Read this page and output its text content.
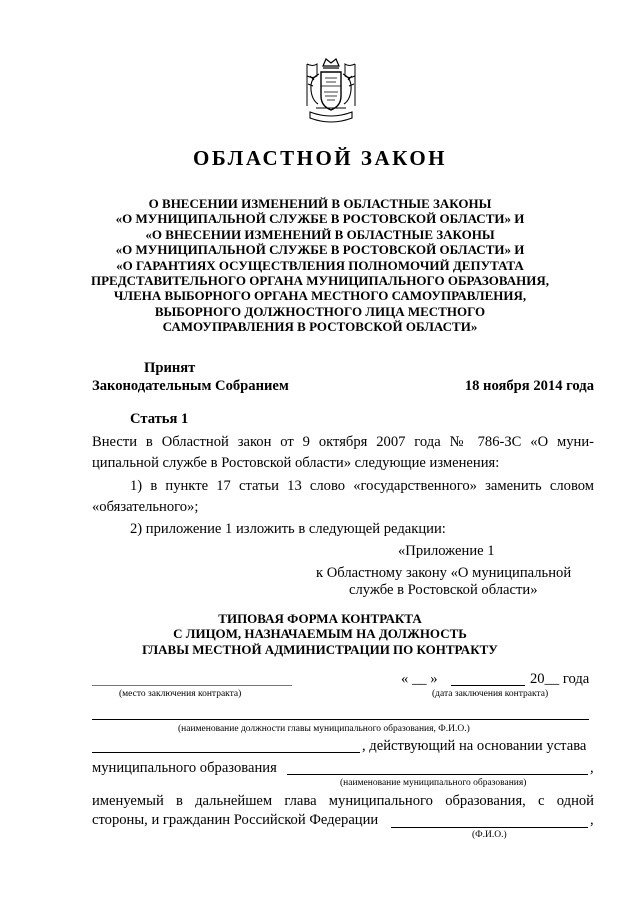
ОБЛАСТНОЙ ЗАКОН
О ВНЕСЕНИИ ИЗМЕНЕНИЙ В ОБЛАСТНЫЕ ЗАКОНЫ
«О МУНИЦИПАЛЬНОЙ СЛУЖБЕ В РОСТОВСКОЙ ОБЛАСТИ» И
«О ВНЕСЕНИИ ИЗМЕНЕНИЙ В ОБЛАСТНЫЕ ЗАКОНЫ
«О МУНИЦИПАЛЬНОЙ СЛУЖБЕ В РОСТОВСКОЙ ОБЛАСТИ» И
«О ГАРАНТИЯХ ОСУЩЕСТВЛЕНИЯ ПОЛНОМОЧИЙ ДЕПУТАТА
ПРЕДСТАВИТЕЛЬНОГО ОРГАНА МУНИЦИПАЛЬНОГО ОБРАЗОВАНИЯ,
ЧЛЕНА ВЫБОРНОГО ОРГАНА МЕСТНОГО САМОУПРАВЛЕНИЯ,
ВЫБОРНОГО ДОЛЖНОСТНОГО ЛИЦА МЕСТНОГО
САМОУПРАВЛЕНИЯ В РОСТОВСКОЙ ОБЛАСТИ»
Принят
Законодательным Собранием	18 ноября 2014 года
Статья 1
Внести в Областной закон от 9 октября 2007 года № 786-ЗС «О муни-
ципальной службе в Ростовской области» следующие изменения:
1) в пункте 17 статьи 13 слово «государственного» заменить словом
«обязательного»;
2) приложение 1 изложить в следующей редакции:
«Приложение 1
к Областному закону «О муниципальной
службе в Ростовской области»
ТИПОВАЯ ФОРМА КОНТРАКТА
С ЛИЦОМ, НАЗНАЧАЕМЫМ НА ДОЛЖНОСТЬ
ГЛАВЫ МЕСТНОЙ АДМИНИСТРАЦИИ ПО КОНТРАКТУ
« __ »	20__ года
(место заключения контракта)	(дата заключения контракта)
(наименование должности главы муниципального образования, Ф.И.О.)
, действующий на основании устава
муниципального образования	,
(наименование муниципального образования)
именуемый в дальнейшем глава муниципального образования, с одной
стороны, и гражданин Российской Федерации	,
(Ф.И.О.)
